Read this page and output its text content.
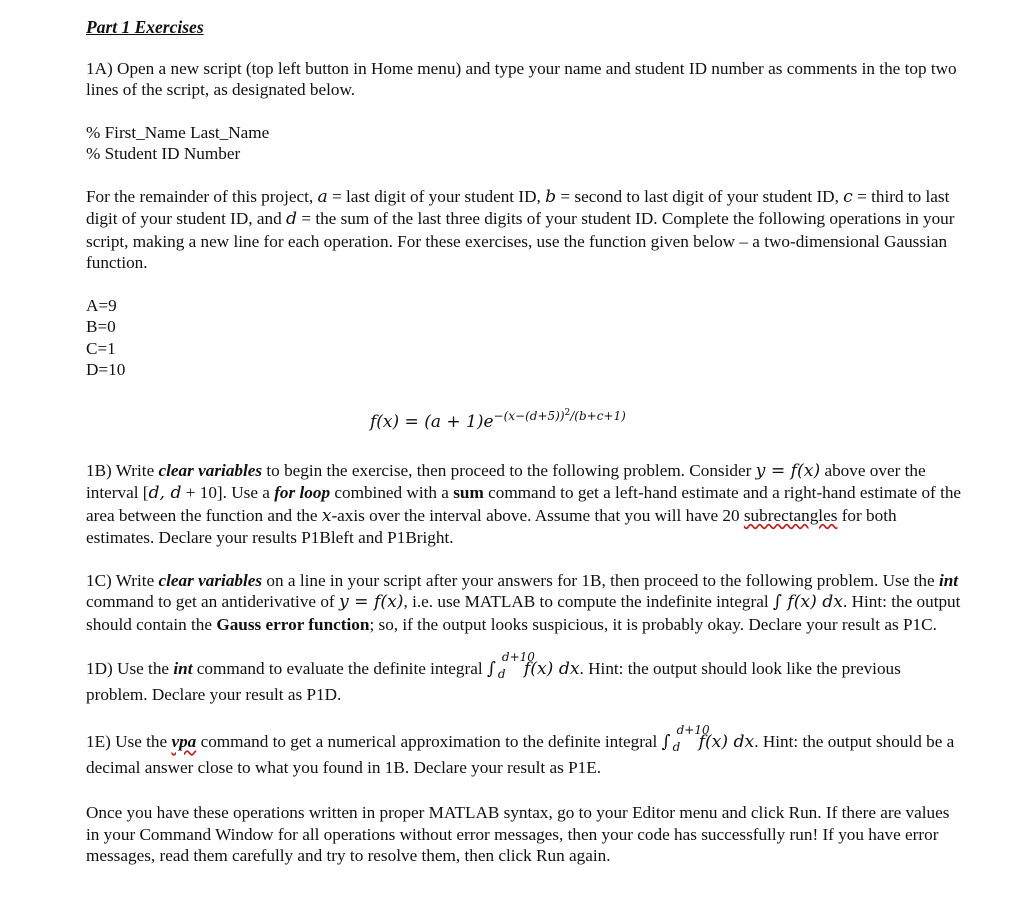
Part 1 Exercises

1A) Open a new script (top left button in Home menu) and type your name and student ID number as comments in the top two lines of the script, as designated below.

% First_Name Last_Name
% Student ID Number

For the remainder of this project, a = last digit of your student ID, b = second to last digit of your student ID, c = third to last digit of your student ID, and d = the sum of the last three digits of your student ID. Complete the following operations in your script, making a new line for each operation. For these exercises, use the function given below – a two-dimensional Gaussian function.

A=9
B=0
C=1
D=10
$f(x) = (a + 1)e^{-(x-(d+5))^2/(b+c+1)}$

1B) Write clear variables to begin the exercise, then proceed to the following problem. Consider y = f(x) above over the interval [d, d + 10]. Use a for loop combined with a sum command to get a left-hand estimate and a right-hand estimate of the area between the function and the x-axis over the interval above. Assume that you will have 20 subrectangles for both estimates. Declare your results P1Bleft and P1Bright.

1C) Write clear variables on a line in your script after your answers for 1B, then proceed to the following problem. Use the int command to get an antiderivative of y = f(x), i.e. use MATLAB to compute the indefinite integral ∫ f(x) dx. Hint: the output should contain the Gauss error function; so, if the output looks suspicious, it is probably okay. Declare your result as P1C.

1D) Use the int command to evaluate the definite integral ∫
d+10
d f(x) dx. Hint: the output should look like the previous problem. Declare your result as P1D.

1E) Use the vpa command to get a numerical approximation to the definite integral ∫
d+10
d f(x) dx. Hint: the output should be a decimal answer close to what you found in 1B. Declare your result as P1E.

Once you have these operations written in proper MATLAB syntax, go to your Editor menu and click Run. If there are values in your Command Window for all operations without error messages, then your code has successfully run! If you have error messages, read them carefully and try to resolve them, then click Run again.
